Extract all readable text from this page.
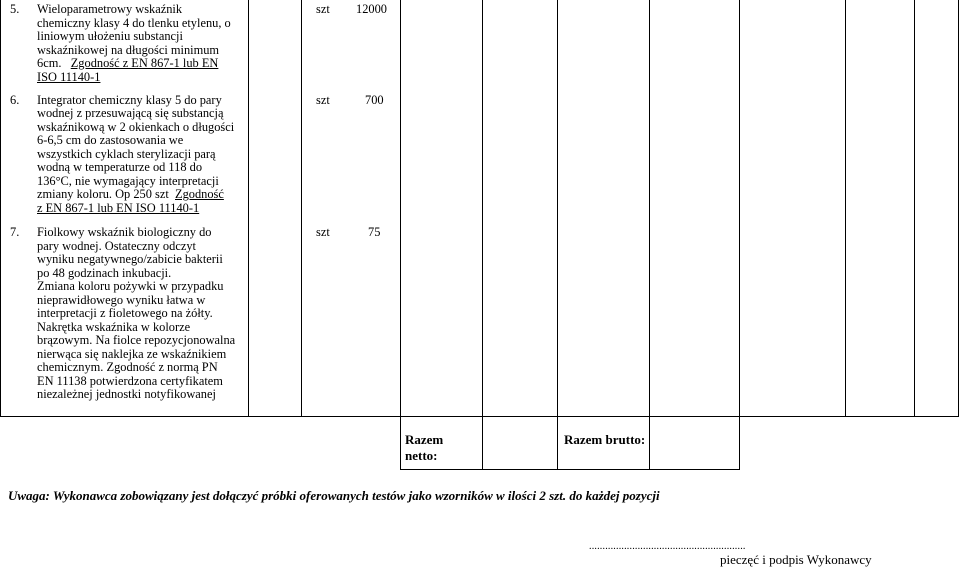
5. Wieloparametrowy wskaźnik
chemiczny klasy 4 do tlenku etylenu, o
liniowym ułożeniu substancji
wskaźnikowej na długości minimum
6cm.   Zgodność z EN 867-1 lub EN
ISO 11140-1
szt 12000
6. Integrator chemiczny klasy 5 do pary
wodnej z przesuwającą się substancją
wskaźnikową w 2 okienkach o długości
6-6,5 cm do zastosowania we
wszystkich cyklach sterylizacji parą
wodną w temperaturze od 118 do
136°C, nie wymagający interpretacji
zmiany koloru. Op 250 szt  Zgodność
z EN 867-1 lub EN ISO 11140-1
szt	700
7. Fiolkowy wskaźnik biologiczny do
pary wodnej. Ostateczny odczyt
wyniku negatywnego/zabicie bakterii
po 48 godzinach inkubacji.
Zmiana koloru pożywki w przypadku
nieprawidłowego wyniku łatwa w
interpretacji z fioletowego na żółty.
Nakrętka wskaźnika w kolorze
brązowym. Na fiolce repozycjonowalna
nierwąca się naklejka ze wskaźnikiem
chemicznym. Zgodność z normą PN
EN 11138 potwierdzona certyfikatem
niezależnej jednostki notyfikowanej
szt	75
Razem netto:
Razem brutto:
Uwaga: Wykonawca zobowiązany jest dołączyć próbki oferowanych testów jako wzorników w ilości 2 szt. do każdej pozycji
..........................................................
pieczęć i podpis Wykonawcy
